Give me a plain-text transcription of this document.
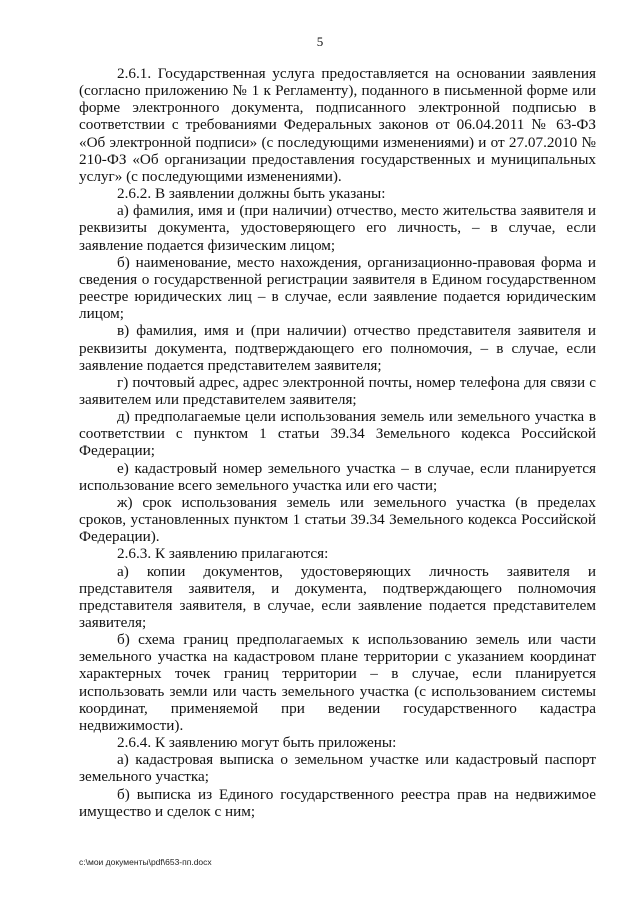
5

2.6.1. Государственная услуга предоставляется на основании заявления (согласно приложению № 1 к Регламенту), поданного в письменной форме или форме электронного документа, подписанного электронной подписью в соответствии с требованиями Федеральных законов от 06.04.2011 № 63-ФЗ «Об электронной подписи» (с последующими изменениями) и от 27.07.2010 № 210-ФЗ «Об организации предоставления государственных и муниципальных услуг» (с последующими изменениями).

2.6.2. В заявлении должны быть указаны:

а) фамилия, имя и (при наличии) отчество, место жительства заявителя и реквизиты документа, удостоверяющего его личность, – в случае, если заявление подается физическим лицом;

б) наименование, место нахождения, организационно-правовая форма и сведения о государственной регистрации заявителя в Едином государственном реестре юридических лиц – в случае, если заявление подается юридическим лицом;

в) фамилия, имя и (при наличии) отчество представителя заявителя и реквизиты документа, подтверждающего его полномочия, – в случае, если заявление подается представителем заявителя;

г) почтовый адрес, адрес электронной почты, номер телефона для связи с заявителем или представителем заявителя;

д) предполагаемые цели использования земель или земельного участка в соответствии с пунктом 1 статьи 39.34 Земельного кодекса Российской Федерации;

е) кадастровый номер земельного участка – в случае, если планируется использование всего земельного участка или его части;

ж) срок использования земель или земельного участка (в пределах сроков, установленных пунктом 1 статьи 39.34 Земельного кодекса Российской Федерации).

2.6.3. К заявлению прилагаются:

а) копии документов, удостоверяющих личность заявителя и представителя заявителя, и документа, подтверждающего полномочия представителя заявителя, в случае, если заявление подается представителем заявителя;

б) схема границ предполагаемых к использованию земель или части земельного участка на кадастровом плане территории с указанием координат характерных точек границ территории – в случае, если планируется использовать земли или часть земельного участка (с использованием системы координат, применяемой при ведении государственного кадастра недвижимости).

2.6.4. К заявлению могут быть приложены:

а) кадастровая выписка о земельном участке или кадастровый паспорт земельного участка;

б) выписка из Единого государственного реестра прав на недвижимое имущество и сделок с ним;

c:\мои документы\pdf\653-пп.docx
